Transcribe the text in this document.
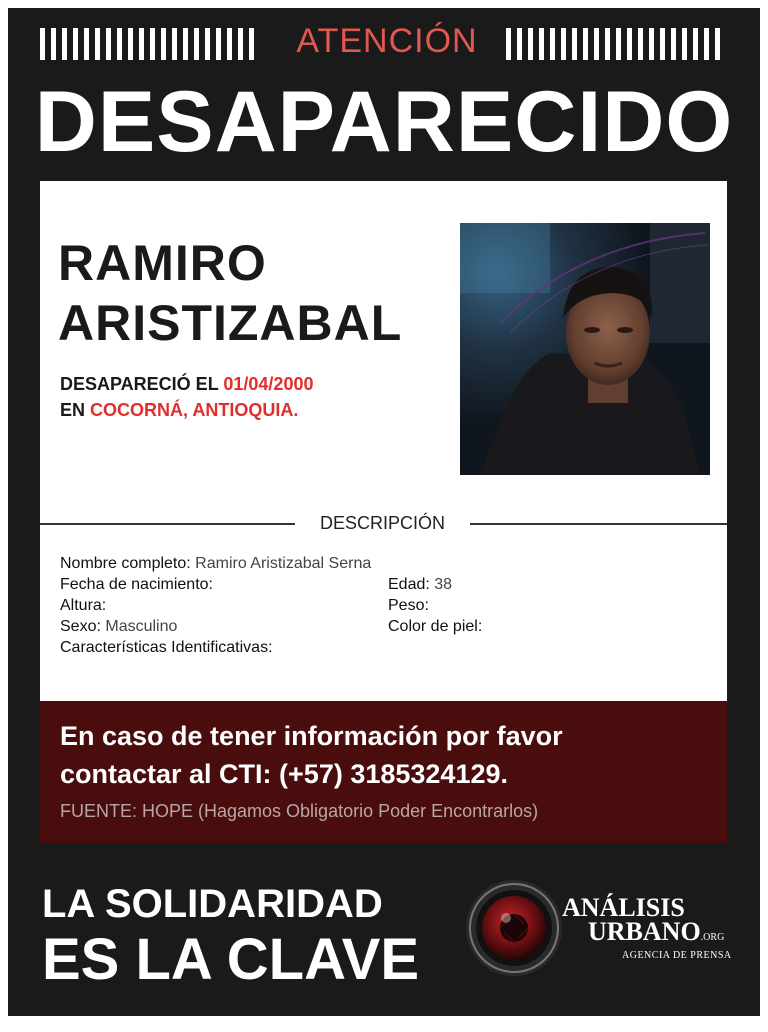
ATENCIÓN
DESAPARECIDO
RAMIRO
ARISTIZABAL
DESAPARECIÓ EL 01/04/2000
EN COCORNÁ, ANTIOQUIA.
DESCRIPCIÓN
Nombre completo: Ramiro Aristizabal Serna
Fecha de nacimiento:	Edad: 38
Altura:	Peso:
Sexo: Masculino	Color de piel:
Características Identificativas:
En caso de tener información por favor
contactar al CTI: (+57) 3185324129.
FUENTE: HOPE (Hagamos Obligatorio Poder Encontrarlos)
LA SOLIDARIDAD
ES LA CLAVE
ANÁLISIS
URBANO.ORG
AGENCIA DE PRENSA
